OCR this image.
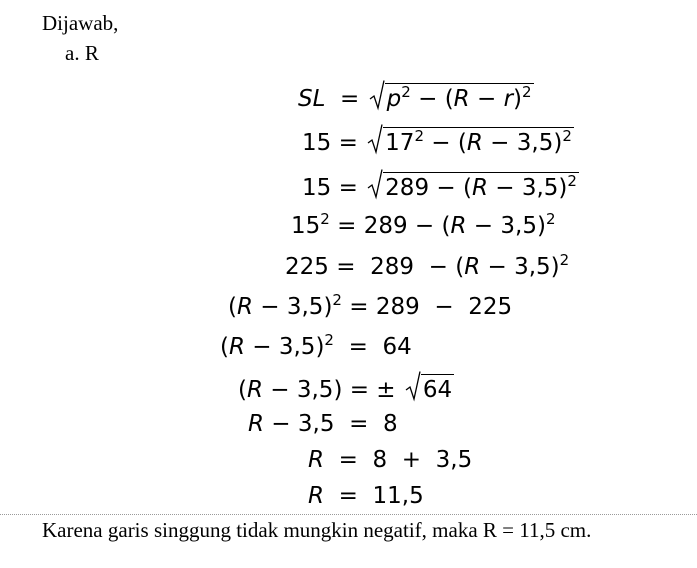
Dijawab,
a. R
SL  =
$p^2 - (R - r)^2$
15 =
$17^2 - (R - 3,5)^2$
15 =
$289 - (R - 3,5)^2$
$15^2 = 289 - (R - 3,5)^2$
$225 = 289 - (R - 3,5)^2$
$(R - 3,5)^2 = 289 - 225$
$(R - 3,5)^2 = 64$
(R − 3,5) = ±
64
R − 3,5  =  8
R  =  8  +  3,5
R  =  11,5
Karena garis singgung tidak mungkin negatif, maka R = 11,5 cm.
